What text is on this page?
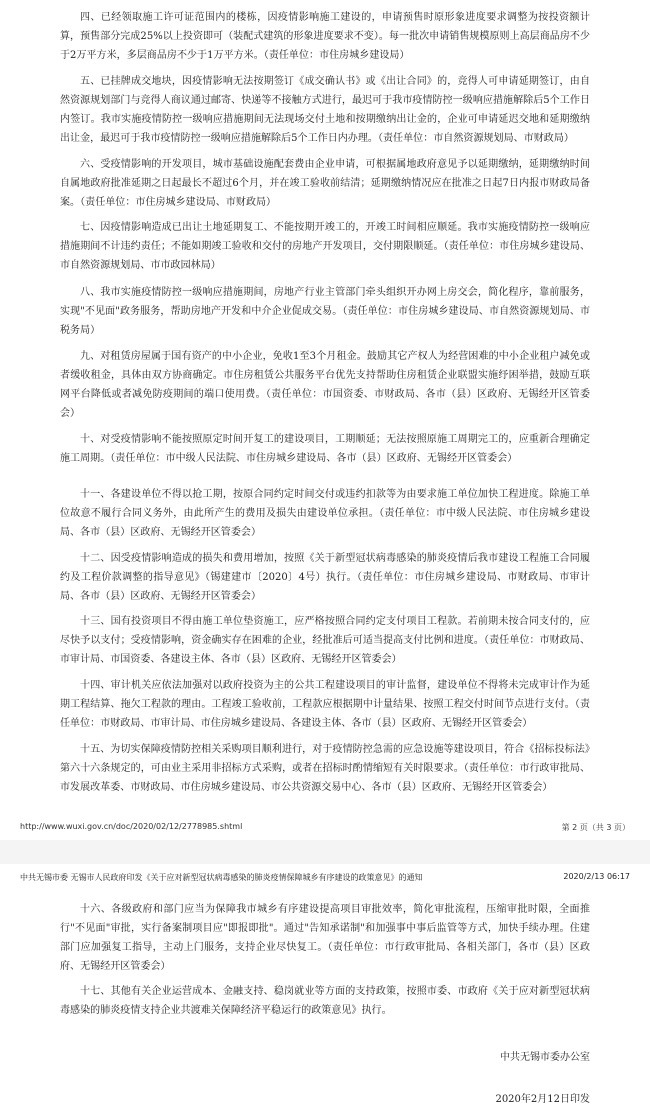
四、已经领取施工许可证范围内的楼栋，因疫情影响施工建设的，申请预售时原形象进度要求调整为按投资额计算，预售部分完成25%以上投资即可（装配式建筑的形象进度要求不变）。每一批次申请销售规模原则上高层商品房不少于2万平方米，多层商品房不少于1万平方米。（责任单位：市住房城乡建设局）

五、已挂牌成交地块，因疫情影响无法按期签订《成交确认书》或《出让合同》的，竞得人可申请延期签订，由自然资源规划部门与竞得人商议通过邮寄、快递等不接触方式进行，最迟可于我市疫情防控一级响应措施解除后5个工作日内签订。我市实施疫情防控一级响应措施期间无法现场交付土地和按期缴纳出让金的，企业可申请延迟交地和延期缴纳出让金，最迟可于我市疫情防控一级响应措施解除后5个工作日内办理。（责任单位：市自然资源规划局、市财政局）

六、受疫情影响的开发项目，城市基础设施配套费由企业申请，可根据属地政府意见予以延期缴纳，延期缴纳时间自属地政府批准延期之日起最长不超过6个月，并在竣工验收前结清；延期缴纳情况应在批准之日起7日内报市财政局备案。（责任单位：市住房城乡建设局、市财政局）

七、因疫情影响造成已出让土地延期复工、不能按期开竣工的，开竣工时间相应顺延。我市实施疫情防控一级响应措施期间不计违约责任；不能如期竣工验收和交付的房地产开发项目，交付期限顺延。（责任单位：市住房城乡建设局、市自然资源规划局、市市政园林局）

八、我市实施疫情防控一级响应措施期间，房地产行业主管部门牵头组织开办网上房交会，简化程序，靠前服务，实现"不见面"政务服务，帮助房地产开发和中介企业促成交易。（责任单位：市住房城乡建设局、市自然资源规划局、市税务局）

九、对租赁房屋属于国有资产的中小企业，免收1至3个月租金。鼓励其它产权人为经营困难的中小企业租户减免或者缓收租金，具体由双方协商确定。市住房租赁公共服务平台优先支持帮助住房租赁企业联盟实施纾困举措，鼓励互联网平台降低或者减免防疫期间的端口使用费。（责任单位：市国资委、市财政局、各市（县）区政府、无锡经开区管委会）

十、对受疫情影响不能按照原定时间开复工的建设项目，工期顺延；无法按照原施工周期完工的，应重新合理确定施工周期。（责任单位：市中级人民法院、市住房城乡建设局、各市（县）区政府、无锡经开区管委会）

十一、各建设单位不得以抢工期，按原合同约定时间交付或违约扣款等为由要求施工单位加快工程进度。除施工单位故意不履行合同义务外，由此所产生的费用及损失由建设单位承担。（责任单位：市中级人民法院、市住房城乡建设局、各市（县）区政府、无锡经开区管委会）

十二、因受疫情影响造成的损失和费用增加，按照《关于新型冠状病毒感染的肺炎疫情后我市建设工程施工合同履约及工程价款调整的指导意见》（锡建建市〔2020〕4号）执行。（责任单位：市住房城乡建设局、市财政局、市审计局、各市（县）区政府、无锡经开区管委会）

十三、国有投资项目不得由施工单位垫资施工，应严格按照合同约定支付项目工程款。若前期未按合同支付的，应尽快予以支付；受疫情影响，资金确实存在困难的企业，经批准后可适当提高支付比例和进度。（责任单位：市财政局、市审计局、市国资委、各建设主体、各市（县）区政府、无锡经开区管委会）

十四、审计机关应依法加强对以政府投资为主的公共工程建设项目的审计监督，建设单位不得将未完成审计作为延期工程结算、拖欠工程款的理由。工程竣工验收前，工程款应根据期中计量结果、按照工程交付时间节点进行支付。（责任单位：市财政局、市审计局、市住房城乡建设局、各建设主体、各市（县）区政府、无锡经开区管委会）

十五、为切实保障疫情防控相关采购项目顺利进行，对于疫情防控急需的应急设施等建设项目，符合《招标投标法》第六十六条规定的，可由业主采用非招标方式采购，或者在招标时酌情缩短有关时限要求。（责任单位：市行政审批局、市发展改革委、市财政局、市住房城乡建设局、市公共资源交易中心、各市（县）区政府、无锡经开区管委会）

http://www.wuxi.gov.cn/doc/2020/02/12/2778985.shtml	第 2 页（共 3 页）
中共无锡市委 无锡市人民政府印发《关于应对新型冠状病毒感染的肺炎疫情保障城乡有序建设的政策意见》的通知	2020/2/13 06:17

十六、各级政府和部门应当为保障我市城乡有序建设提高项目审批效率，简化审批流程，压缩审批时限，全面推行"不见面"审批，实行备案制项目应"即报即批"。通过"告知承诺制"和加强事中事后监管等方式，加快手续办理。住建部门应加强复工指导，主动上门服务，支持企业尽快复工。（责任单位：市行政审批局、各相关部门，各市（县）区政府、无锡经开区管委会）

十七、其他有关企业运营成本、金融支持、稳岗就业等方面的支持政策，按照市委、市政府《关于应对新型冠状病毒感染的肺炎疫情支持企业共渡难关保障经济平稳运行的政策意见》执行。

中共无锡市委办公室
2020年2月12日印发
